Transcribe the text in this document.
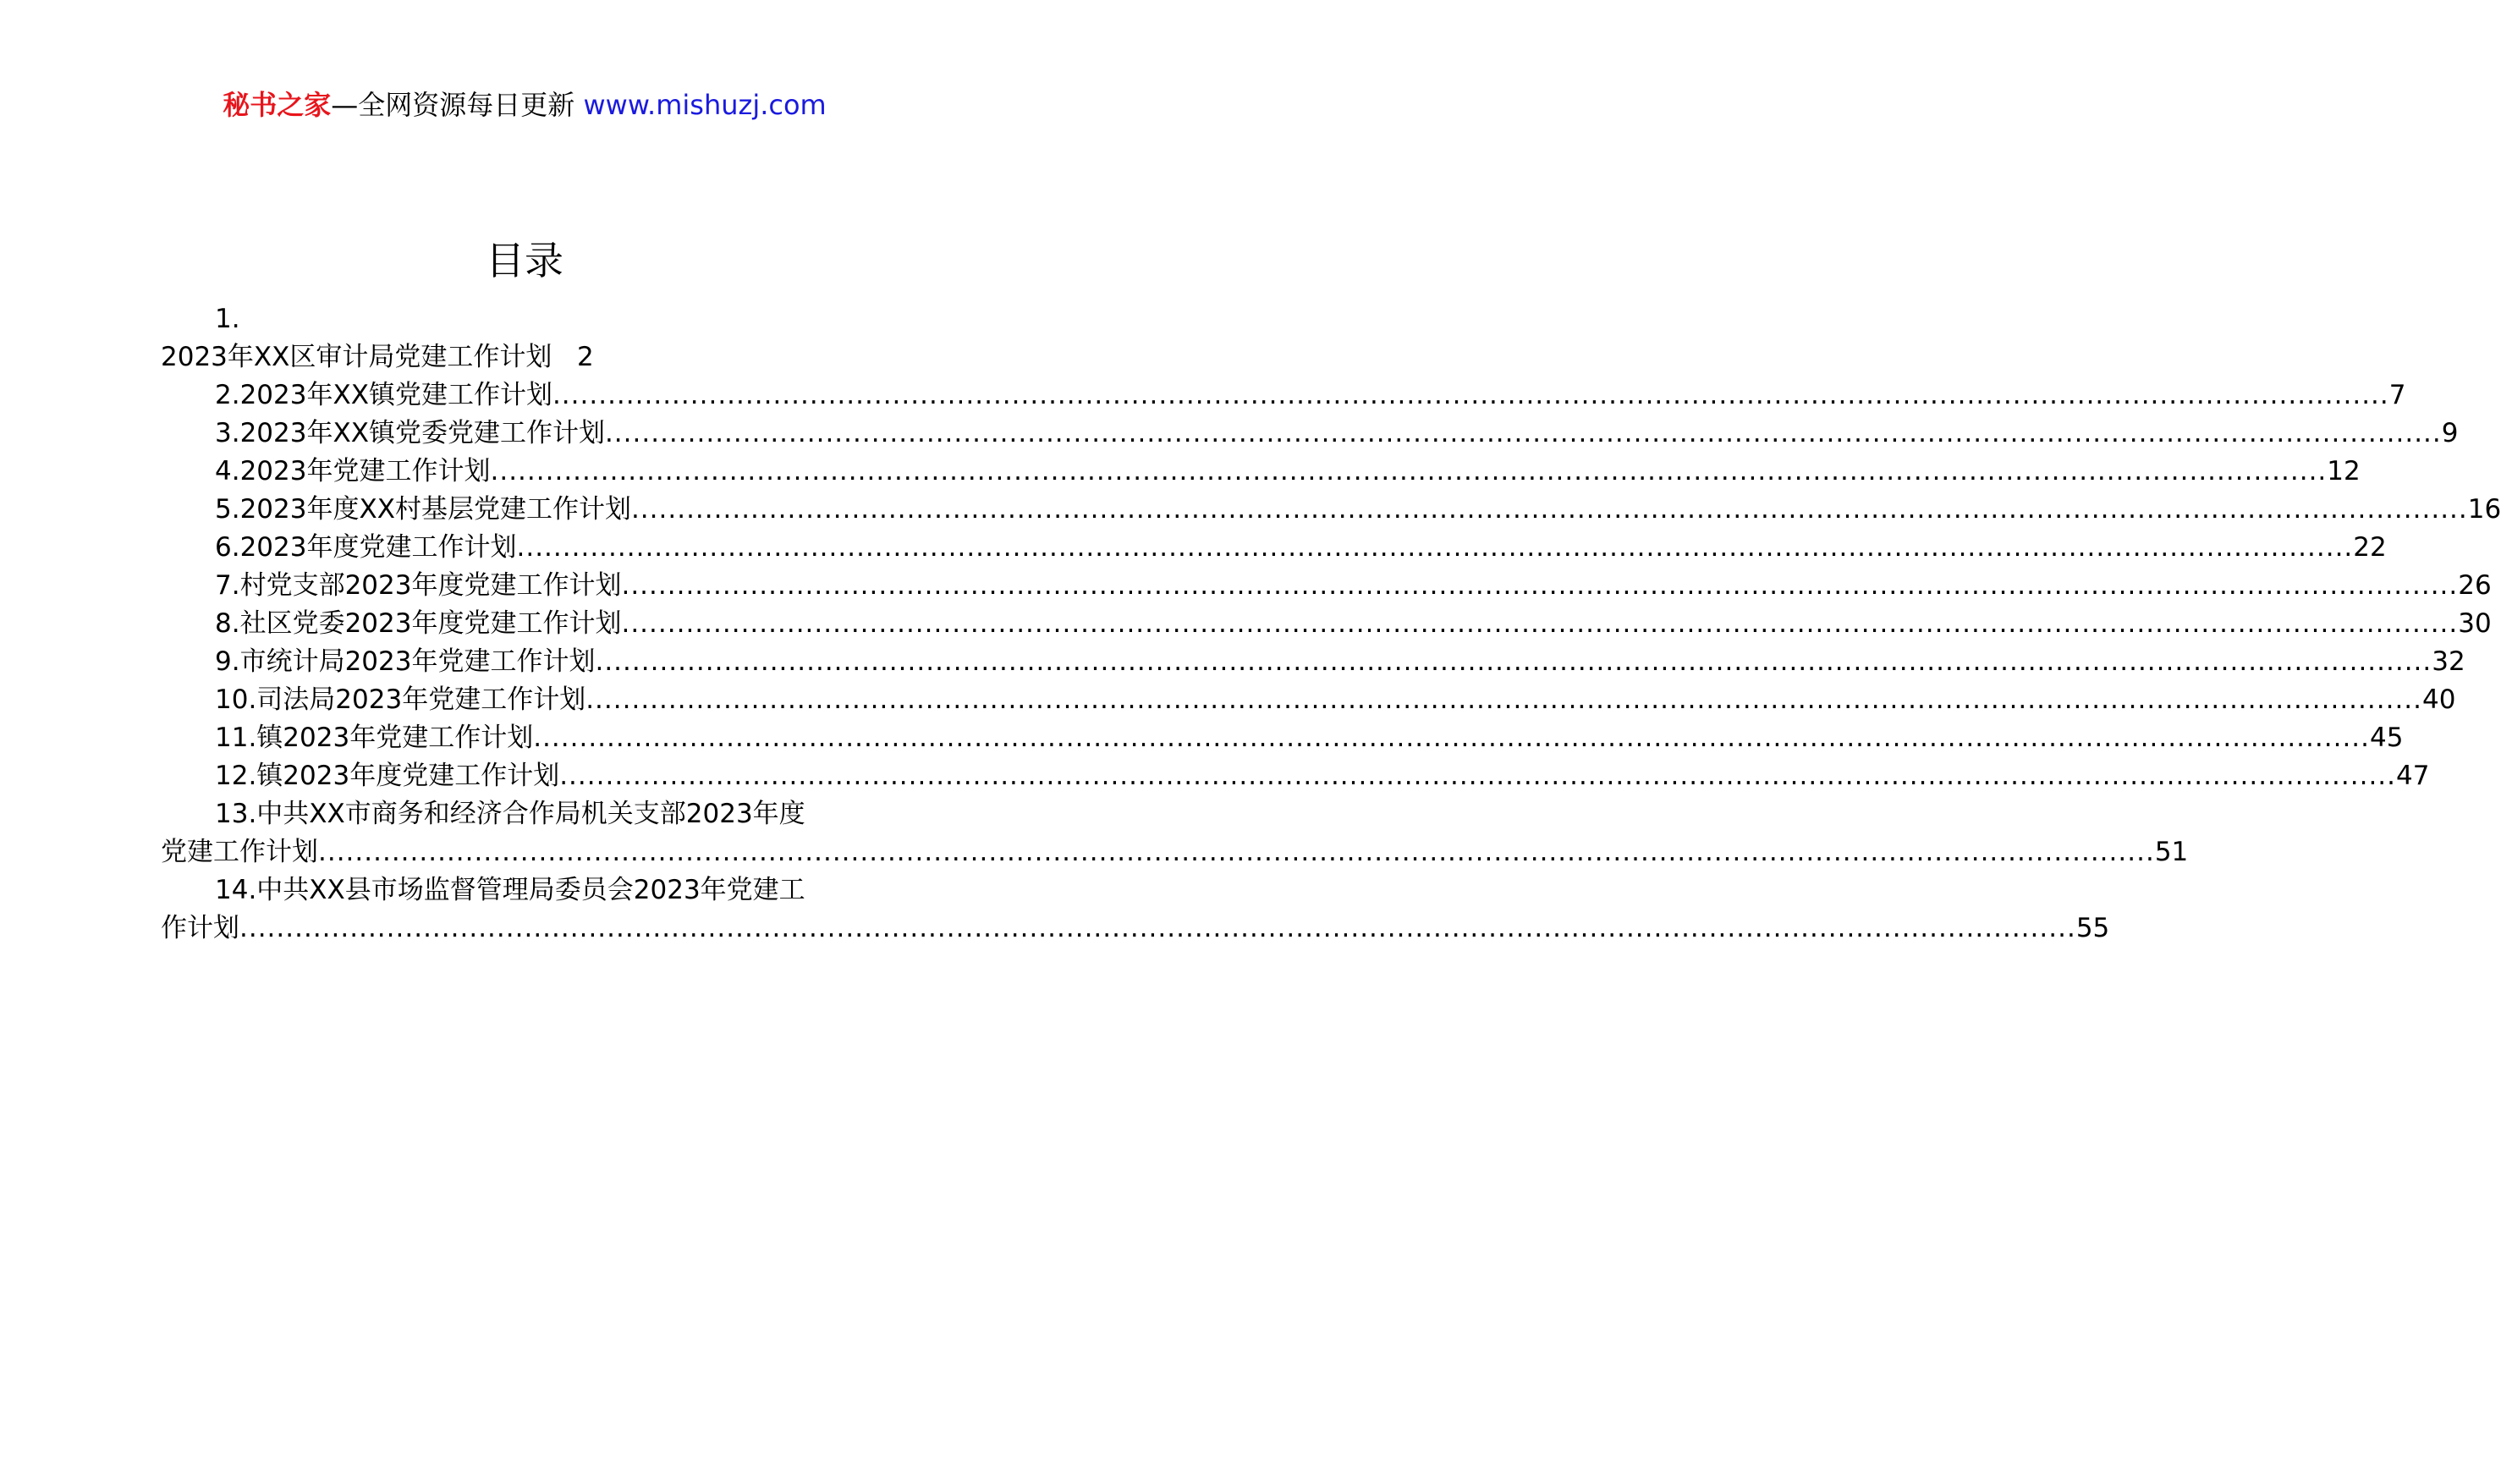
秘书之家—全网资源每日更新 www.mishuzj.com
目录
1.
2023年XX区审计局党建工作计划 2
2.2023年XX镇党建工作计划 ........................................................................................................................................................................................................ 7
3.2023年XX镇党委党建工作计划 ........................................................................................................................................................................................................ 9
4.2023年党建工作计划 ........................................................................................................................................................................................................ 12
5.2023年度XX村基层党建工作计划 ........................................................................................................................................................................................................ 16
6.2023年度党建工作计划 ........................................................................................................................................................................................................ 22
7.村党支部2023年度党建工作计划 ........................................................................................................................................................................................................ 26
8.社区党委2023年度党建工作计划 ........................................................................................................................................................................................................ 30
9.市统计局2023年党建工作计划 ........................................................................................................................................................................................................ 32
10.司法局2023年党建工作计划 ........................................................................................................................................................................................................ 40
11.镇2023年党建工作计划 ........................................................................................................................................................................................................ 45
12.镇2023年度党建工作计划 ........................................................................................................................................................................................................ 47
13.中共XX市商务和经济合作局机关支部2023年度
党建工作计划 ........................................................................................................................................................................................................ 51
14.中共XX县市场监督管理局委员会2023年党建工
作计划 ........................................................................................................................................................................................................ 55
